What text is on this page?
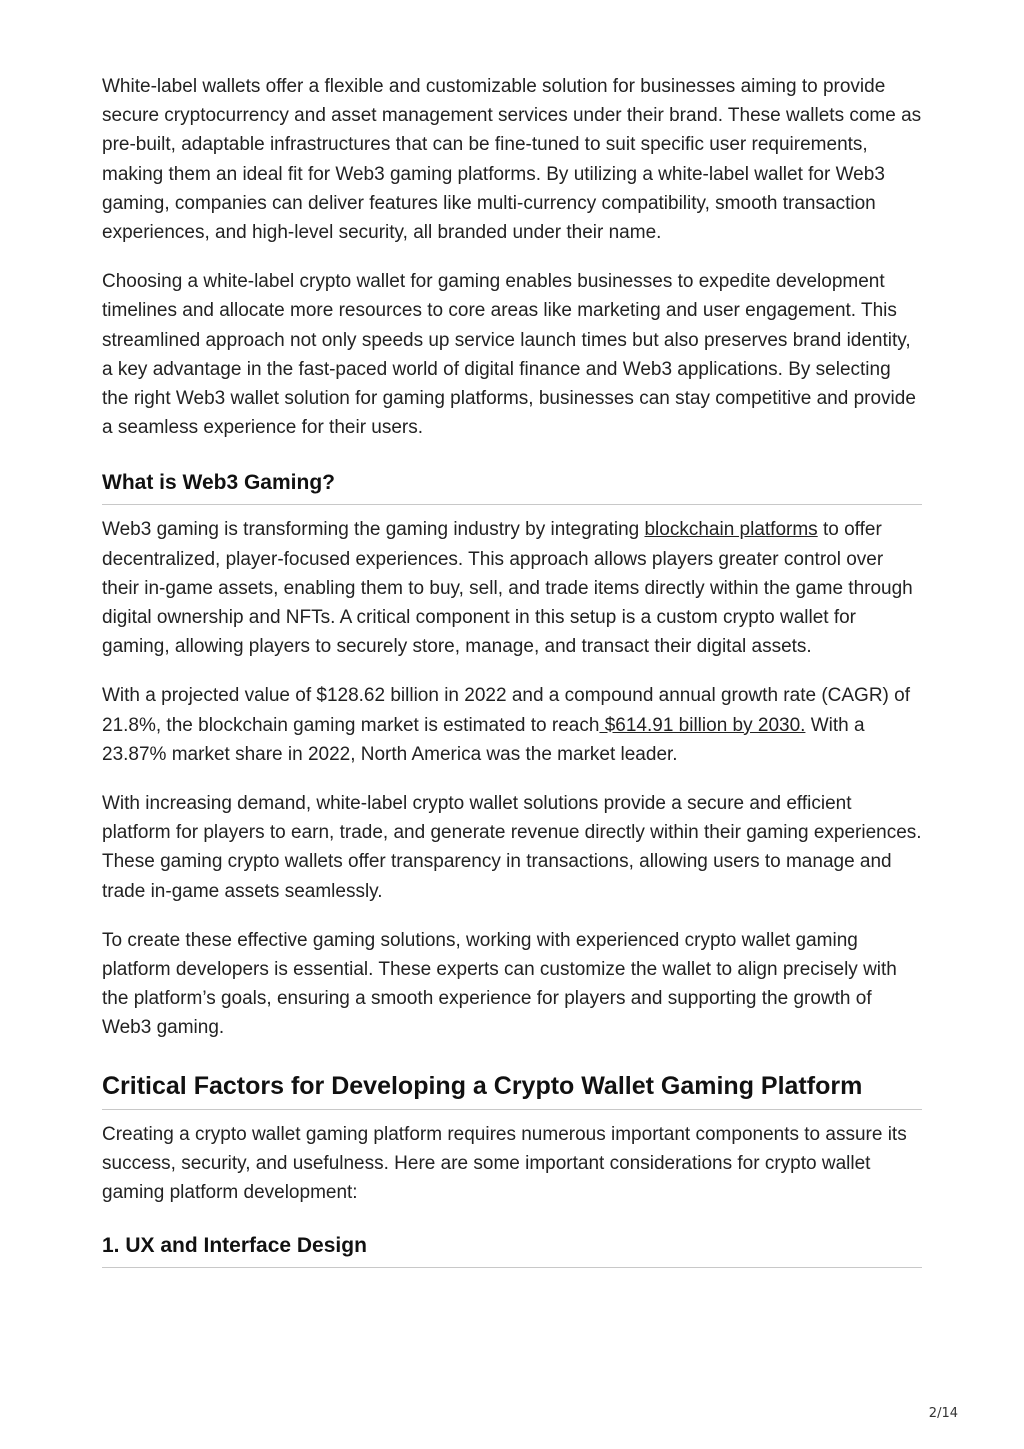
White-label wallets offer a flexible and customizable solution for businesses aiming to provide secure cryptocurrency and asset management services under their brand. These wallets come as pre-built, adaptable infrastructures that can be fine-tuned to suit specific user requirements, making them an ideal fit for Web3 gaming platforms. By utilizing a white-label wallet for Web3 gaming, companies can deliver features like multi-currency compatibility, smooth transaction experiences, and high-level security, all branded under their name.

Choosing a white-label crypto wallet for gaming enables businesses to expedite development timelines and allocate more resources to core areas like marketing and user engagement. This streamlined approach not only speeds up service launch times but also preserves brand identity, a key advantage in the fast-paced world of digital finance and Web3 applications. By selecting the right Web3 wallet solution for gaming platforms, businesses can stay competitive and provide a seamless experience for their users.

What is Web3 Gaming?

Web3 gaming is transforming the gaming industry by integrating blockchain platforms to offer decentralized, player-focused experiences. This approach allows players greater control over their in-game assets, enabling them to buy, sell, and trade items directly within the game through digital ownership and NFTs. A critical component in this setup is a custom crypto wallet for gaming, allowing players to securely store, manage, and transact their digital assets.

With a projected value of $128.62 billion in 2022 and a compound annual growth rate (CAGR) of 21.8%, the blockchain gaming market is estimated to reach $614.91 billion by 2030. With a 23.87% market share in 2022, North America was the market leader.

With increasing demand, white-label crypto wallet solutions provide a secure and efficient platform for players to earn, trade, and generate revenue directly within their gaming experiences. These gaming crypto wallets offer transparency in transactions, allowing users to manage and trade in-game assets seamlessly.

To create these effective gaming solutions, working with experienced crypto wallet gaming platform developers is essential. These experts can customize the wallet to align precisely with the platform’s goals, ensuring a smooth experience for players and supporting the growth of Web3 gaming.

Critical Factors for Developing a Crypto Wallet Gaming Platform

Creating a crypto wallet gaming platform requires numerous important components to assure its success, security, and usefulness. Here are some important considerations for crypto wallet gaming platform development:

1. UX and Interface Design
2/14
